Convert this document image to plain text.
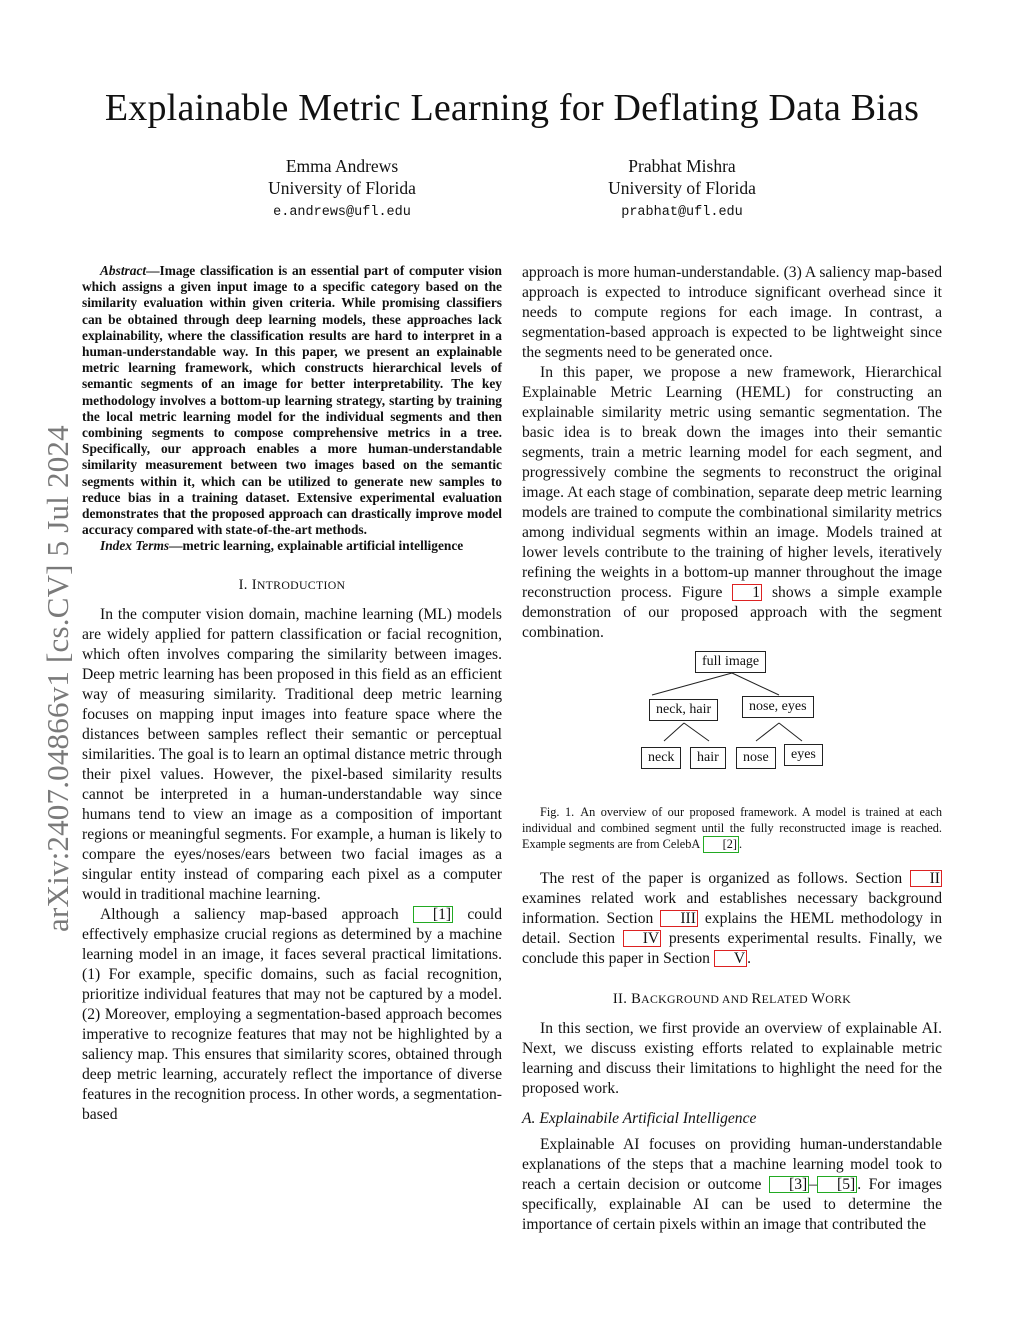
arXiv:2407.04866v1 [cs.CV] 5 Jul 2024
Explainable Metric Learning for Deflating Data Bias
Emma Andrews
University of Florida
e.andrews@ufl.edu
Prabhat Mishra
University of Florida
prabhat@ufl.edu

Abstract—Image classification is an essential part of computer vision which assigns a given input image to a specific category based on the similarity evaluation within given criteria. While promising classifiers can be obtained through deep learning models, these approaches lack explainability, where the classification results are hard to interpret in a human-understandable way. In this paper, we present an explainable metric learning framework, which constructs hierarchical levels of semantic segments of an image for better interpretability. The key methodology involves a bottom-up learning strategy, starting by training the local metric learning model for the individual segments and then combining segments to compose comprehensive metrics in a tree. Specifically, our approach enables a more human-understandable similarity measurement between two images based on the semantic segments within it, which can be utilized to generate new samples to reduce bias in a training dataset. Extensive experimental evaluation demonstrates that the proposed approach can drastically improve model accuracy compared with state-of-the-art methods.

Index Terms—metric learning, explainable artificial intelligence

I. INTRODUCTION

In the computer vision domain, machine learning (ML) models are widely applied for pattern classification or facial recognition, which often involves comparing the similarity between images. Deep metric learning has been proposed in this field as an efficient way of measuring similarity. Traditional deep metric learning focuses on mapping input images into feature space where the distances between samples reflect their semantic or perceptual similarities. The goal is to learn an optimal distance metric through their pixel values. However, the pixel-based similarity results cannot be interpreted in a human-understandable way since humans tend to view an image as a composition of important regions or meaningful segments. For example, a human is likely to compare the eyes/noses/ears between two facial images as a singular entity instead of comparing each pixel as a computer would in traditional machine learning.

Although a saliency map-based approach [1] could effectively emphasize crucial regions as determined by a machine learning model in an image, it faces several practical limitations. (1) For example, specific domains, such as facial recognition, prioritize individual features that may not be captured by a model. (2) Moreover, employing a segmentation-based approach becomes imperative to recognize features that may not be highlighted by a saliency map. This ensures that similarity scores, obtained through deep metric learning, accurately reflect the importance of diverse features in the recognition process. In other words, a segmentation-based

approach is more human-understandable. (3) A saliency map-based approach is expected to introduce significant overhead since it needs to compute regions for each image. In contrast, a segmentation-based approach is expected to be lightweight since the segments need to be generated once.

In this paper, we propose a new framework, Hierarchical Explainable Metric Learning (HEML) for constructing an explainable similarity metric using semantic segmentation. The basic idea is to break down the images into their semantic segments, train a metric learning model for each segment, and progressively combine the segments to reconstruct the original image. At each stage of combination, separate deep metric learning models are trained to compute the combinational similarity metrics among individual segments within an image. Models trained at lower levels contribute to the training of higher levels, iteratively refining the weights in a bottom-up manner throughout the image reconstruction process. Figure 1 shows a simple example demonstration of our proposed approach with the segment combination.

full image
neck, hair	nose, eyes
neck	hair	nose	eyes

Fig. 1. An overview of our proposed framework. A model is trained at each individual and combined segment until the fully reconstructed image is reached. Example segments are from CelebA [2] .

The rest of the paper is organized as follows. Section II examines related work and establishes necessary background information. Section III explains the HEML methodology in detail. Section IV presents experimental results. Finally, we conclude this paper in Section V .

II. BACKGROUND AND RELATED WORK

In this section, we first provide an overview of explainable AI. Next, we discuss existing efforts related to explainable metric learning and discuss their limitations to highlight the need for the proposed work.

A. Explainabile Artificial Intelligence

Explainable AI focuses on providing human-understandable explanations of the steps that a machine learning model took to reach a certain decision or outcome [3] – [5] . For images specifically, explainable AI can be used to determine the importance of certain pixels within an image that contributed the
